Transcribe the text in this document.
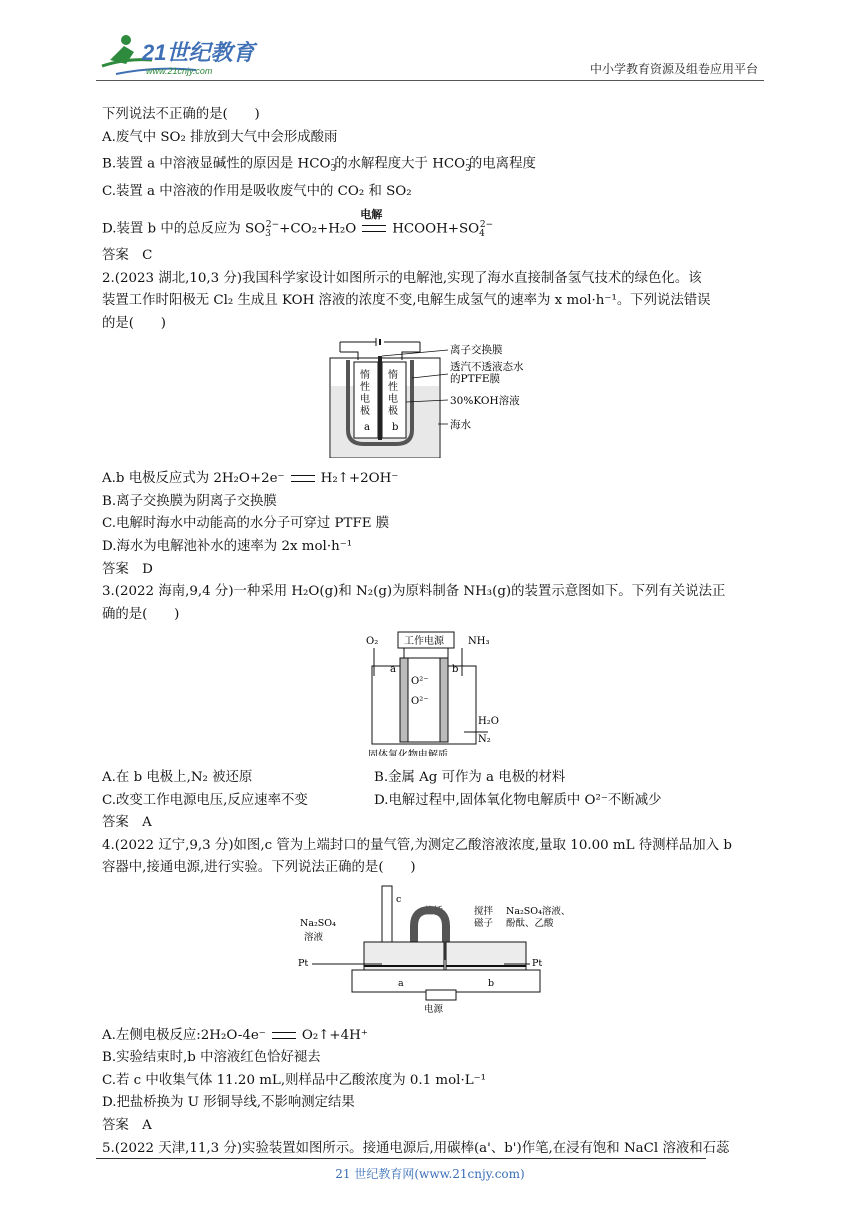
21世纪教育
www.21cnjy.com	中小学教育资源及组卷应用平台
下列说法不正确的是(　　)
A.废气中 SO₂ 排放到大气中会形成酸雨
B.装置 a 中溶液显碱性的原因是 $HCO_3^-$的水解程度大于 $HCO_3^-$的电离程度
C.装置 a 中溶液的作用是吸收废气中的 CO₂ 和 SO₂
D.装置 b 中的总反应为 $SO_3^{2-}+CO_2+H_2O$
电解
$HCOOH+SO_4^{2-}$
答案　C
2.(2023 湖北,10,3 分)我国科学家设计如图所示的电解池,实现了海水直接制备氢气技术的绿色化。该
装置工作时阳极无 Cl₂ 生成且 KOH 溶液的浓度不变,电解生成氢气的速率为 x mol·h⁻¹。下列说法错误
的是(　　)
惰
性
电
极
惰
性
电
极
a b
离子交换膜
透汽不透液态水
的PTFE膜
30%KOH溶液
海水
A.b 电极反应式为 2H₂O+2e⁻	H₂↑+2OH⁻
B.离子交换膜为阴离子交换膜
C.电解时海水中动能高的水分子可穿过 PTFE 膜
D.海水为电解池补水的速率为 2x mol·h⁻¹
答案　D
3.(2022 海南,9,4 分)一种采用 H₂O(g)和 N₂(g)为原料制备 NH₃(g)的装置示意图如下。下列有关说法正
确的是(　　)
工作电源
O₂	NH₃
a	b
O²⁻
O²⁻
H₂O
N₂
固体氧化物电解质
A.在 b 电极上,N₂ 被还原	B.金属 Ag 可作为 a 电极的材料
C.改变工作电源电压,反应速率不变	D.电解过程中,固体氧化物电解质中 O²⁻不断减少
答案　A
4.(2022 辽宁,9,3 分)如图,c 管为上端封口的量气管,为测定乙酸溶液浓度,量取 10.00 mL 待测样品加入 b
容器中,接通电源,进行实验。下列说法正确的是(　　)
c
盐桥	搅拌
磁子
Na₂SO₄
溶液
Na₂SO₄溶液、
酚酞、乙酸
Pt	Pt
a	b
电源
A.左侧电极反应:2H₂O-4e⁻	O₂↑+4H⁺
B.实验结束时,b 中溶液红色恰好褪去
C.若 c 中收集气体 11.20 mL,则样品中乙酸浓度为 0.1 mol·L⁻¹
D.把盐桥换为 U 形铜导线,不影响测定结果
答案　A
5.(2022 天津,11,3 分)实验装置如图所示。接通电源后,用碳棒(a'、b')作笔,在浸有饱和 NaCl 溶液和石蕊
21 世纪教育网(www.21cnjy.com)
